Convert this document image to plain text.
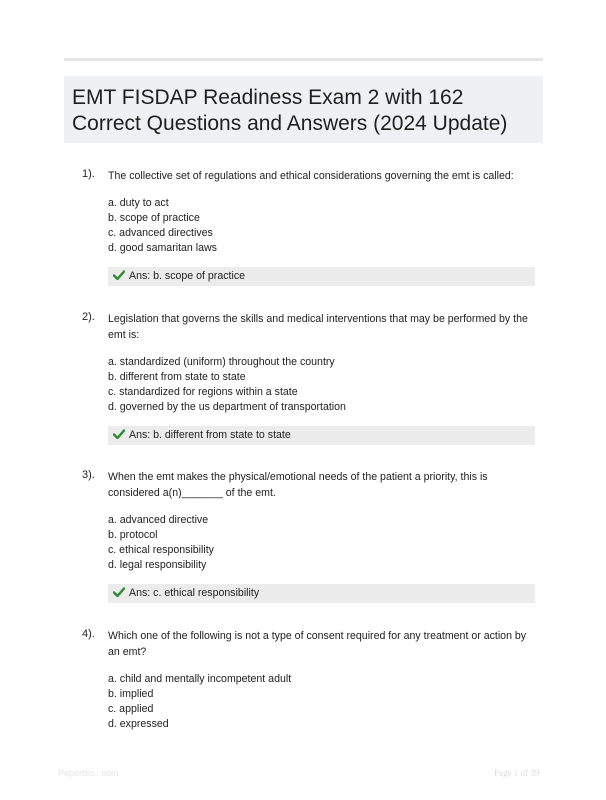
EMT FISDAP Readiness Exam 2 with 162 Correct Questions and Answers (2024 Update)
1). The collective set of regulations and ethical considerations governing the emt is called:
a. duty to act
b. scope of practice
c. advanced directives
d. good samaritan laws
Ans: b. scope of practice
2). Legislation that governs the skills and medical interventions that may be performed by the emt is:
a. standardized (uniform) throughout the country
b. different from state to state
c. standardized for regions within a state
d. governed by the us department of transportation
Ans: b. different from state to state
3). When the emt makes the physical/emotional needs of the patient a priority, this is considered a(n)_______ of the emt.
a. advanced directive
b. protocol
c. ethical responsibility
d. legal responsibility
Ans: c. ethical responsibility
4). Which one of the following is not a type of consent required for any treatment or action by an emt?
a. child and mentally incompetent adult
b. implied
c. applied
d. expressed
Paperblo...com	Page 1 of 39
